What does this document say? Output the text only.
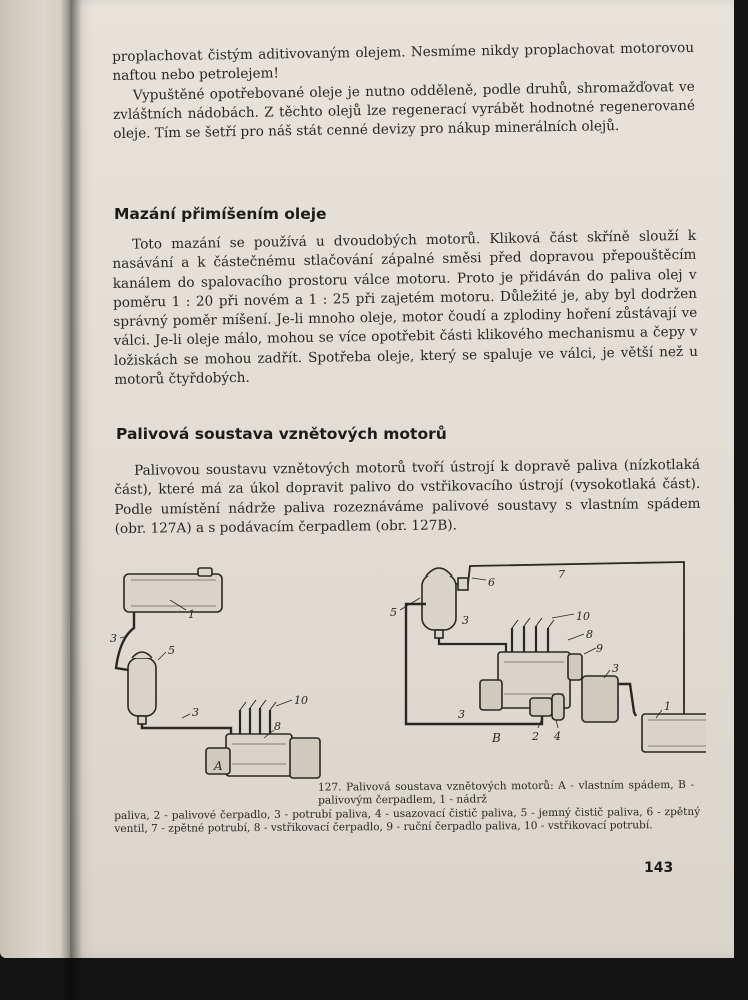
proplachovat čistým aditivovaným olejem. Nesmíme nikdy proplachovat motorovou naftou nebo petrolejem!

Vypuštěné opotřebované oleje je nutno odděleně, podle druhů, shromažďovat ve zvláštních nádobách. Z těchto olejů lze regenerací vyrábět hodnotné regenerované oleje. Tím se šetří pro náš stát cenné devizy pro nákup minerálních olejů.

Mazání přimíšením oleje

Toto mazání se používá u dvoudobých motorů. Kliková část skříně slouží k nasávání a k částečnému stlačování zápalné směsi před dopravou přepouštěcím kanálem do spalovacího prostoru válce motoru. Proto je přidáván do paliva olej v poměru 1 : 20 při novém a 1 : 25 při zajetém motoru. Důležité je, aby byl dodržen správný poměr míšení. Je-li mnoho oleje, motor čoudí a zplodiny hoření zůstávají ve válci. Je-li oleje málo, mohou se více opotřebit části klikového mechanismu a čepy v ložiskách se mohou zadřít. Spotřeba oleje, který se spaluje ve válci, je větší než u motorů čtyřdobých.

Palivová soustava vznětových motorů

Palivovou soustavu vznětových motorů tvoří ústrojí k dopravě paliva (nízkotlaká část), které má za úkol dopravit palivo do vstřikovacího ústrojí (vysokotlaká část). Podle umístění nádrže paliva rozeznáváme palivové soustavy s vlastním spádem (obr. 127A) a s podávacím čerpadlem (obr. 127B).

A
B
1
3
5
3
10
8
5
6
7
3	10
8
9
3
3
1
2 4

127. Palivová soustava vznětových motorů: A - vlastním spádem, B - palivovým čerpadlem, 1 - nádrž

paliva, 2 - palivové čerpadlo, 3 - potrubí paliva, 4 - usazovací čistič paliva, 5 - jemný čistič paliva, 6 - zpětný ventil, 7 - zpětné potrubí, 8 - vstřikovací čerpadlo, 9 - ruční čerpadlo paliva, 10 - vstřikovací potrubí.

143
